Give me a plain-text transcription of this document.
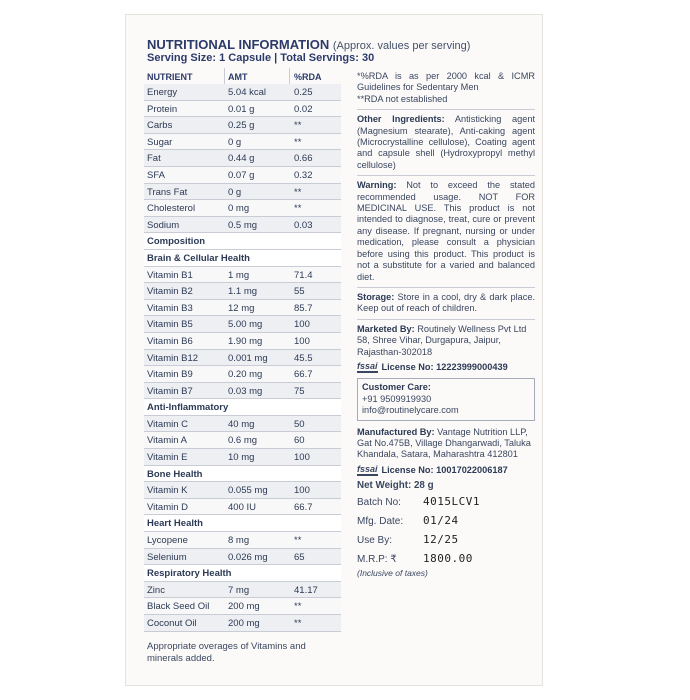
NUTRITIONAL INFORMATION (Approx. values per serving)
Serving Size: 1 Capsule | Total Servings: 30
NUTRIENT	AMT	%RDA
Energy	5.04 kcal	0.25
Protein	0.01 g	0.02
Carbs	0.25 g	**
Sugar	0 g	**
Fat	0.44 g	0.66
SFA	0.07 g	0.32
Trans Fat	0 g	**
Cholesterol	0 mg	**
Sodium	0.5 mg	0.03
Composition
Brain & Cellular Health
Vitamin B1	1 mg	71.4
Vitamin B2	1.1 mg	55
Vitamin B3	12 mg	85.7
Vitamin B5	5.00 mg	100
Vitamin B6	1.90 mg	100
Vitamin B12	0.001 mg	45.5
Vitamin B9	0.20 mg	66.7
Vitamin B7	0.03 mg	75
Anti-Inflammatory
Vitamin C	40 mg	50
Vitamin A	0.6 mg	60
Vitamin E	10 mg	100
Bone Health
Vitamin K	0.055 mg	100
Vitamin D	400 IU	66.7
Heart Health
Lycopene	8 mg	**
Selenium	0.026 mg	65
Respiratory Health
Zinc	7 mg	41.17
Black Seed Oil 200 mg	**
Coconut Oil	200 mg	**
Appropriate overages of Vitamins and minerals added.

*%RDA is as per 2000 kcal & ICMR Guidelines for Sedentary Men
**RDA not established

Other Ingredients: Antisticking agent (Magnesium stearate), Anti-caking agent (Microcrystalline cellulose), Coating agent and capsule shell (Hydroxypropyl methyl cellulose)

Warning: Not to exceed the stated recommended usage. NOT FOR MEDICINAL USE. This product is not intended to diagnose, treat, cure or prevent any disease. If pregnant, nursing or under medication, please consult a physician before using this product. This product is not a substitute for a varied and balanced diet.

Storage: Store in a cool, dry & dark place. Keep out of reach of children.

Marketed By: Routinely Wellness Pvt Ltd 58, Shree Vihar, Durgapura, Jaipur, Rajasthan-302018

fssai License No: 12223999000439
Customer Care:
+91 9509919930
info@routinelycare.com

Manufactured By: Vantage Nutrition LLP, Gat No.475B, Village Dhangarwadi, Taluka Khandala, Satara, Maharashtra 412801

fssai License No: 10017022006187
Net Weight: 28 g
Batch No:	4015LCV1
Mfg. Date:	01/24
Use By:	12/25
M.R.P: ₹	1800.00
(Inclusive of taxes)
